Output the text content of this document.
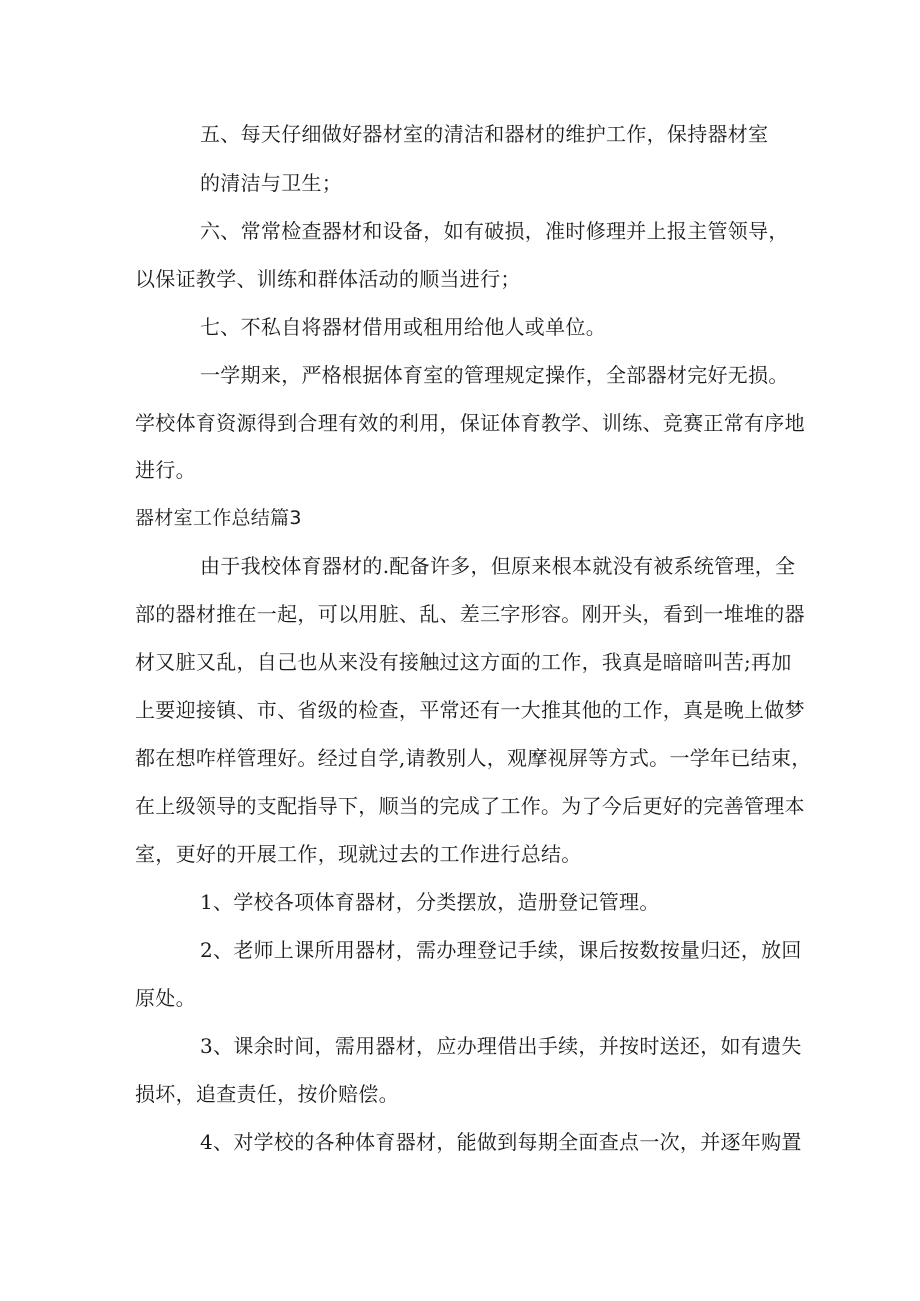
五、每天仔细做好器材室的清洁和器材的维护工作，保持器材室
的清洁与卫生；
六、常常检查器材和设备，如有破损，准时修理并上报主管领导，
以保证教学、训练和群体活动的顺当进行；
七、不私自将器材借用或租用给他人或单位。
一学期来，严格根据体育室的管理规定操作，全部器材完好无损。
学校体育资源得到合理有效的利用，保证体育教学、训练、竞赛正常有序地
进行。
器材室工作总结篇3
由于我校体育器材的.配备许多，但原来根本就没有被系统管理，全
部的器材推在一起，可以用脏、乱、差三字形容。刚开头，看到一堆堆的器
材又脏又乱，自己也从来没有接触过这方面的工作，我真是暗暗叫苦;再加
上要迎接镇、市、省级的检查，平常还有一大推其他的工作，真是晚上做梦
都在想咋样管理好。经过自学,请教别人，观摩视屏等方式。一学年已结束，
在上级领导的支配指导下，顺当的完成了工作。为了今后更好的完善管理本
室，更好的开展工作，现就过去的工作进行总结。
1、学校各项体育器材，分类摆放，造册登记管理。
2、老师上课所用器材，需办理登记手续，课后按数按量归还，放回
原处。
3、课余时间，需用器材，应办理借出手续，并按时送还，如有遗失
损坏，追查责任，按价赔偿。
4、对学校的各种体育器材，能做到每期全面查点一次，并逐年购置
